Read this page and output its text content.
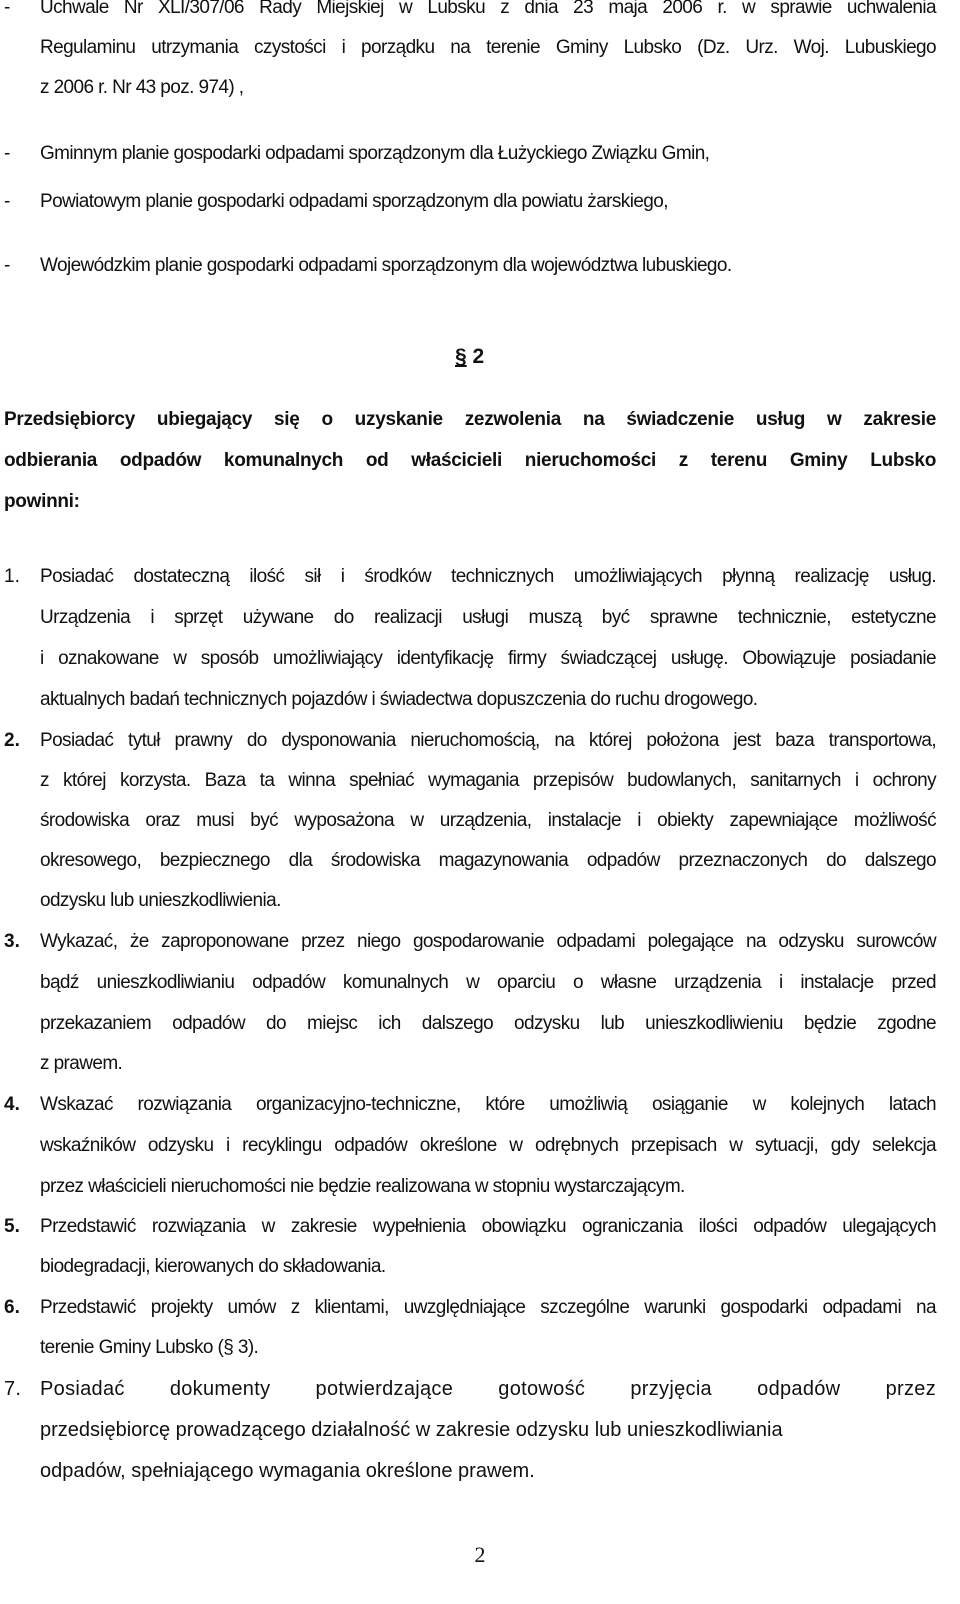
- Uchwale Nr XLI/307/06 Rady Miejskiej w Lubsku z dnia 23 maja 2006 r. w sprawie uchwalenia
Regulaminu utrzymania czystości i porządku na terenie Gminy Lubsko (Dz. Urz. Woj. Lubuskiego
z 2006 r. Nr 43 poz. 974) ,
- Gminnym planie gospodarki odpadami sporządzonym dla Łużyckiego Związku Gmin,
- Powiatowym planie gospodarki odpadami sporządzonym dla powiatu żarskiego,
- Wojewódzkim planie gospodarki odpadami sporządzonym dla województwa lubuskiego.
§ 2
Przedsiębiorcy ubiegający się o uzyskanie zezwolenia na świadczenie usług w zakresie
odbierania odpadów komunalnych od właścicieli nieruchomości z terenu Gminy Lubsko
powinni:
1. Posiadać dostateczną ilość sił i środków technicznych umożliwiających płynną realizację usług.
Urządzenia i sprzęt używane do realizacji usługi muszą być sprawne technicznie, estetyczne
i oznakowane w sposób umożliwiający identyfikację firmy świadczącej usługę. Obowiązuje posiadanie
aktualnych badań technicznych pojazdów i świadectwa dopuszczenia do ruchu drogowego.
2. Posiadać tytuł prawny do dysponowania nieruchomością, na której położona jest baza transportowa,
z której korzysta. Baza ta winna spełniać wymagania przepisów budowlanych, sanitarnych i ochrony
środowiska oraz musi być wyposażona w urządzenia, instalacje i obiekty zapewniające możliwość
okresowego, bezpiecznego dla środowiska magazynowania odpadów przeznaczonych do dalszego
odzysku lub unieszkodliwienia.
3. Wykazać, że zaproponowane przez niego gospodarowanie odpadami polegające na odzysku surowców
bądź unieszkodliwianiu odpadów komunalnych w oparciu o własne urządzenia i instalacje przed
przekazaniem odpadów do miejsc ich dalszego odzysku lub unieszkodliwieniu będzie zgodne
z prawem.
4. Wskazać rozwiązania organizacyjno-techniczne, które umożliwią osiąganie w kolejnych latach
wskaźników odzysku i recyklingu odpadów określone w odrębnych przepisach w sytuacji, gdy selekcja
przez właścicieli nieruchomości nie będzie realizowana w stopniu wystarczającym.
5. Przedstawić rozwiązania w zakresie wypełnienia obowiązku ograniczania ilości odpadów ulegających
biodegradacji, kierowanych do składowania.
6. Przedstawić projekty umów z klientami, uwzględniające szczególne warunki gospodarki odpadami na
terenie Gminy Lubsko (§ 3).
7. Posiadać dokumenty potwierdzające gotowość przyjęcia odpadów przez
przedsiębiorcę prowadzącego działalność w zakresie odzysku lub unieszkodliwiania
odpadów, spełniającego wymagania określone prawem.
2
